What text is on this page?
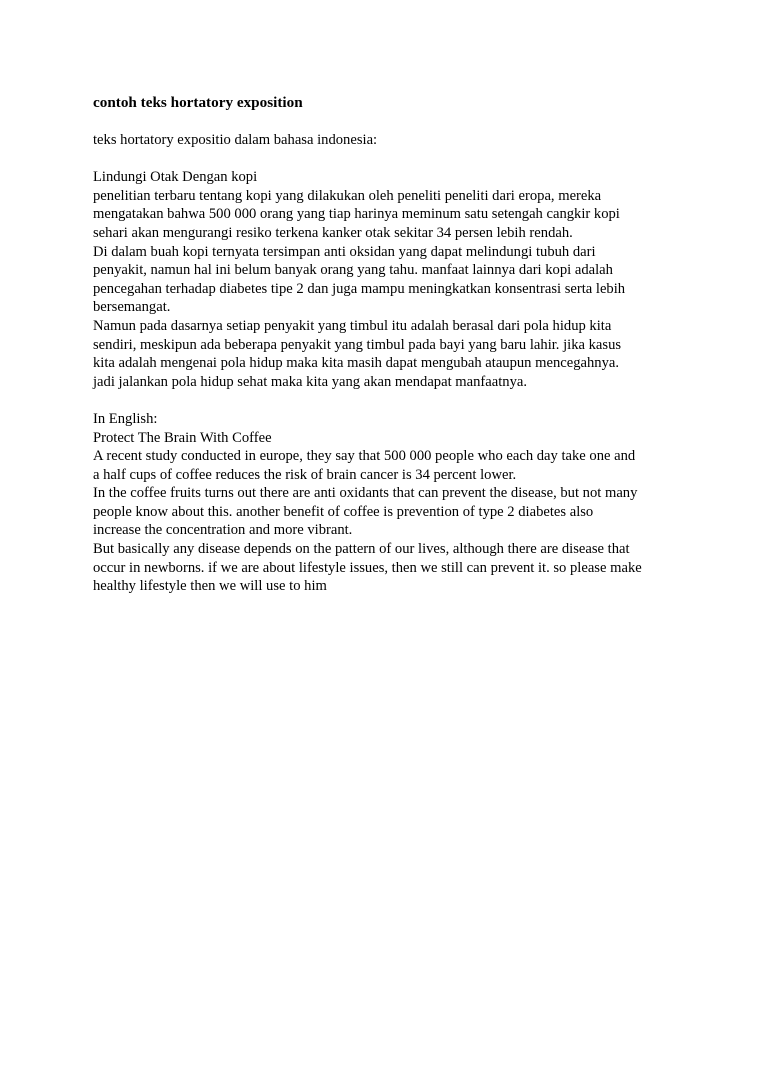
contoh teks hortatory exposition
teks hortatory expositio dalam bahasa indonesia:
Lindungi Otak Dengan kopi
penelitian terbaru tentang kopi yang dilakukan oleh peneliti peneliti dari eropa, mereka
mengatakan bahwa 500 000 orang yang tiap harinya meminum satu setengah cangkir kopi
sehari akan mengurangi resiko terkena kanker otak sekitar 34 persen lebih rendah.
Di dalam buah kopi ternyata tersimpan anti oksidan yang dapat melindungi tubuh dari
penyakit, namun hal ini belum banyak orang yang tahu. manfaat lainnya dari kopi adalah
pencegahan terhadap diabetes tipe 2 dan juga mampu meningkatkan konsentrasi serta lebih
bersemangat.
Namun pada dasarnya setiap penyakit yang timbul itu adalah berasal dari pola hidup kita
sendiri, meskipun ada beberapa penyakit yang timbul pada bayi yang baru lahir. jika kasus
kita adalah mengenai pola hidup maka kita masih dapat mengubah ataupun mencegahnya.
jadi jalankan pola hidup sehat maka kita yang akan mendapat manfaatnya.
In English:
Protect The Brain With Coffee
A recent study conducted in europe, they say that 500 000 people who each day take one and
a half cups of coffee reduces the risk of brain cancer is 34 percent lower.
In the coffee fruits turns out there are anti oxidants that can prevent the disease, but not many
people know about this. another benefit of coffee is prevention of type 2 diabetes also
increase the concentration and more vibrant.
But basically any disease depends on the pattern of our lives, although there are disease that
occur in newborns. if we are about lifestyle issues, then we still can prevent it. so please make
healthy lifestyle then we will use to him
